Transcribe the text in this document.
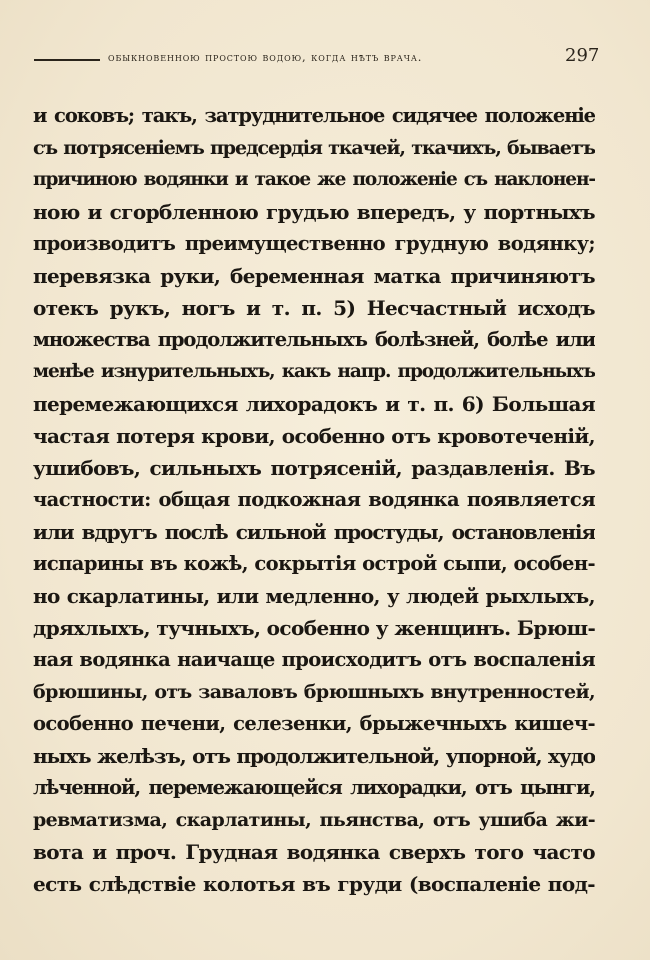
обыкновенною простою водою, когда нѣтъ врача.	297
и соковъ; такъ, затруднительное сидячее положеніе
съ потрясеніемъ предсердія ткачей, ткачихъ, бываетъ
причиною водянки и такое же положеніе съ наклонен-
ною и сгорбленною грудью впередъ, у портныхъ
производитъ преимущественно грудную водянку;
перевязка руки, беременная матка причиняютъ
отекъ рукъ, ногъ и т. п. 5) Несчастный исходъ
множества продолжительныхъ болѣзней, болѣе или
менѣе изнурительныхъ, какъ напр. продолжительныхъ
перемежающихся лихорадокъ и т. п. 6) Большая
частая потеря крови, особенно отъ кровотеченій,
ушибовъ, сильныхъ потрясеній, раздавленія. Въ
частности: общая подкожная водянка появляется
или вдругъ послѣ сильной простуды, остановленія
испарины въ кожѣ, сокрытія острой сыпи, особен-
но скарлатины, или медленно, у людей рыхлыхъ,
дряхлыхъ, тучныхъ, особенно у женщинъ. Брюш-
ная водянка наичаще происходитъ отъ воспаленія
брюшины, отъ заваловъ брюшныхъ внутренностей,
особенно печени, селезенки, брыжечныхъ кишеч-
ныхъ желѣзъ, отъ продолжительной, упорной, худо
лѣченной, перемежающейся лихорадки, отъ цынги,
ревматизма, скарлатины, пьянства, отъ ушиба жи-
вота и проч. Грудная водянка сверхъ того часто
есть слѣдствіе колотья въ груди (воспаленіе под-
